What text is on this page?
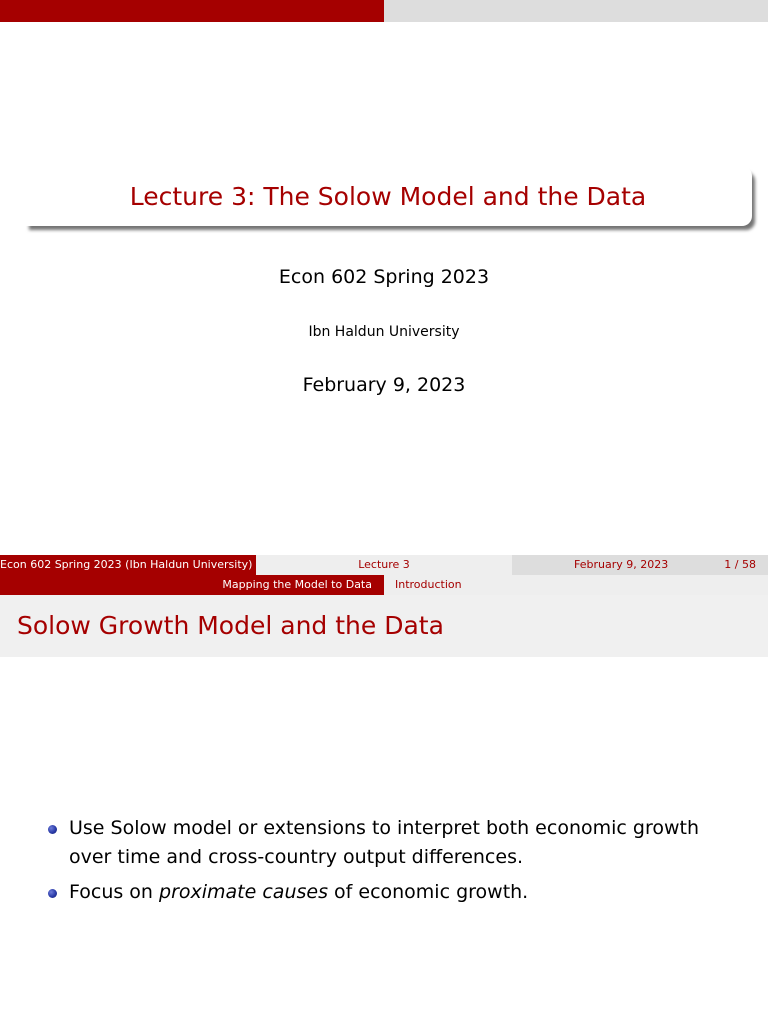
Lecture 3: The Solow Model and the Data
Econ 602 Spring 2023
Ibn Haldun University
February 9, 2023
Econ 602 Spring 2023 (Ibn Haldun University)	Lecture 3	February 9, 2023	1 / 58
Mapping the Model to Data	Introduction
Solow Growth Model and the Data
Use Solow model or extensions to interpret both economic growth over time and cross-country output differences.
Focus on proximate causes of economic growth.
